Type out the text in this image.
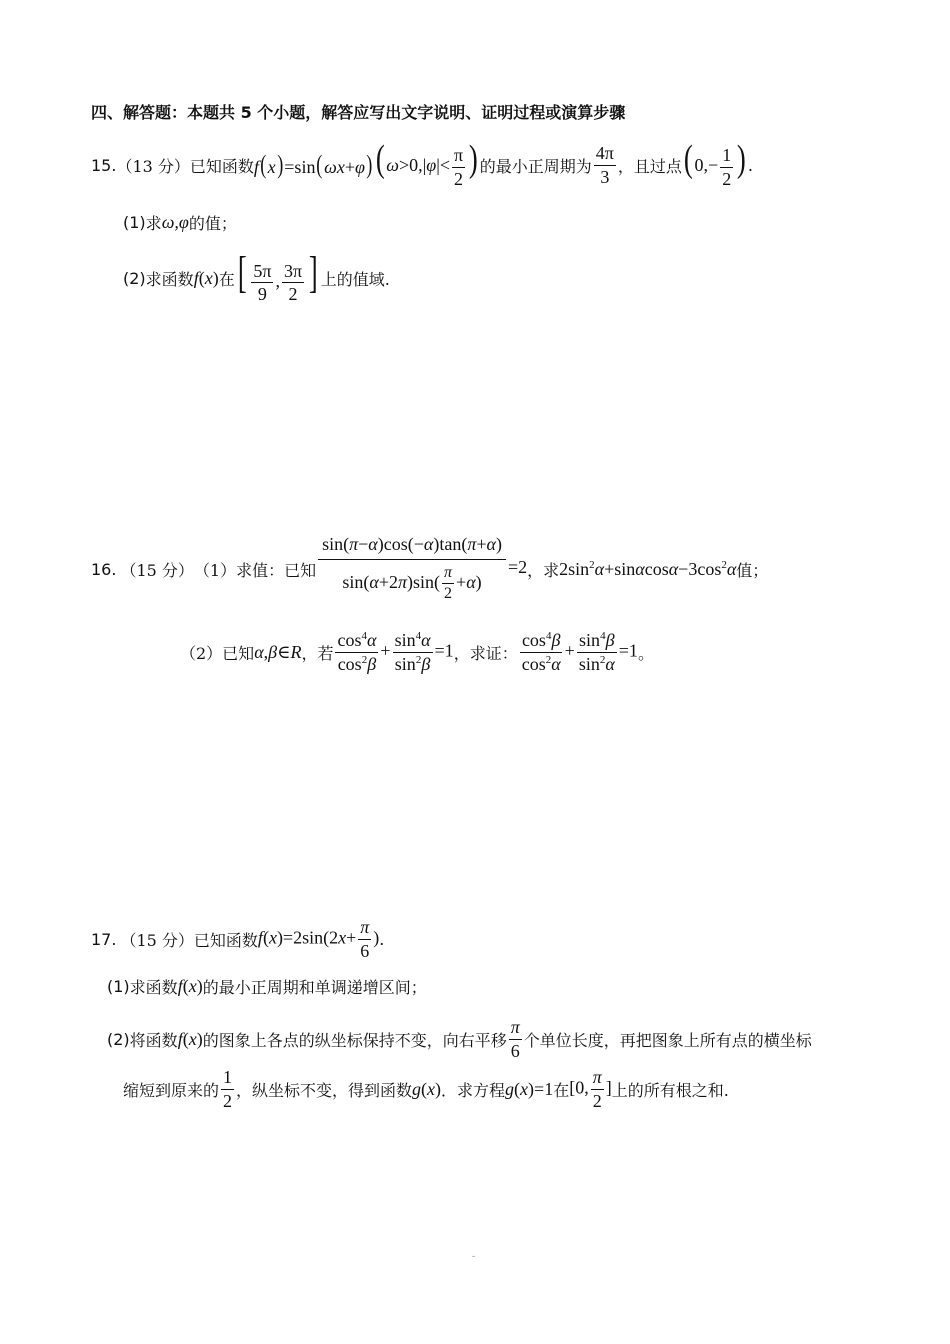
四、解答题：本题共 5 个小题，解答应写出文字说明、证明过程或演算步骤
15. （13 分） 已知函数 f(x)=sin(ωx+φ) ( $\omega>0,|\varphi|< \frac{\pi}{2}$ ) 的最小正周期为 $\frac{4\pi}{3}$ ，且过点 ( $0,- \frac{1}{2}$ ) .
(1) 求 ω,φ 的值；
(2) 求函数 f(x) 在 [ $\frac{5\pi}{9}$ , $\frac{3\pi}{2}$ ] 上的值域.
16. （15 分） （1）求值：已知 $\frac{\sin(\pi-\alpha)\cos(-\alpha)\tan(\pi+\alpha)}{\sin(\alpha+2\pi)\sin( \frac{\pi}{2} +\alpha)} =2$ ，求 $2\sin^2\alpha+\sin\alpha\cos\alpha-3\cos^2\alpha$ 值；
（2）已知 α,β∈R ，若 $\frac{\cos^4\alpha}{\cos^2\beta} + \frac{\sin^4\alpha}{\sin^2\beta} =1$ ，求证： $\frac{\cos^4\beta}{\cos^2\alpha} + \frac{\sin^4\beta}{\sin^2\alpha} =1$ 。
17. （15 分） 已知函数 $f(x)=2\sin(2x+ \frac{\pi}{6}$ ) .
(1) 求函数 f(x) 的最小正周期和单调递增区间；
(2) 将函数 f(x) 的图象上各点的纵坐标保持不变，向右平移 $\frac{\pi}{6}$ 个单位长度，再把图象上所有点的横坐标
缩短到原来的 $\frac{1}{2}$ ，纵坐标不变，得到函数 g(x) ．求方程 g(x)=1 在 [0, $\frac{\pi}{2}$ ] 上的所有根之和.
-
